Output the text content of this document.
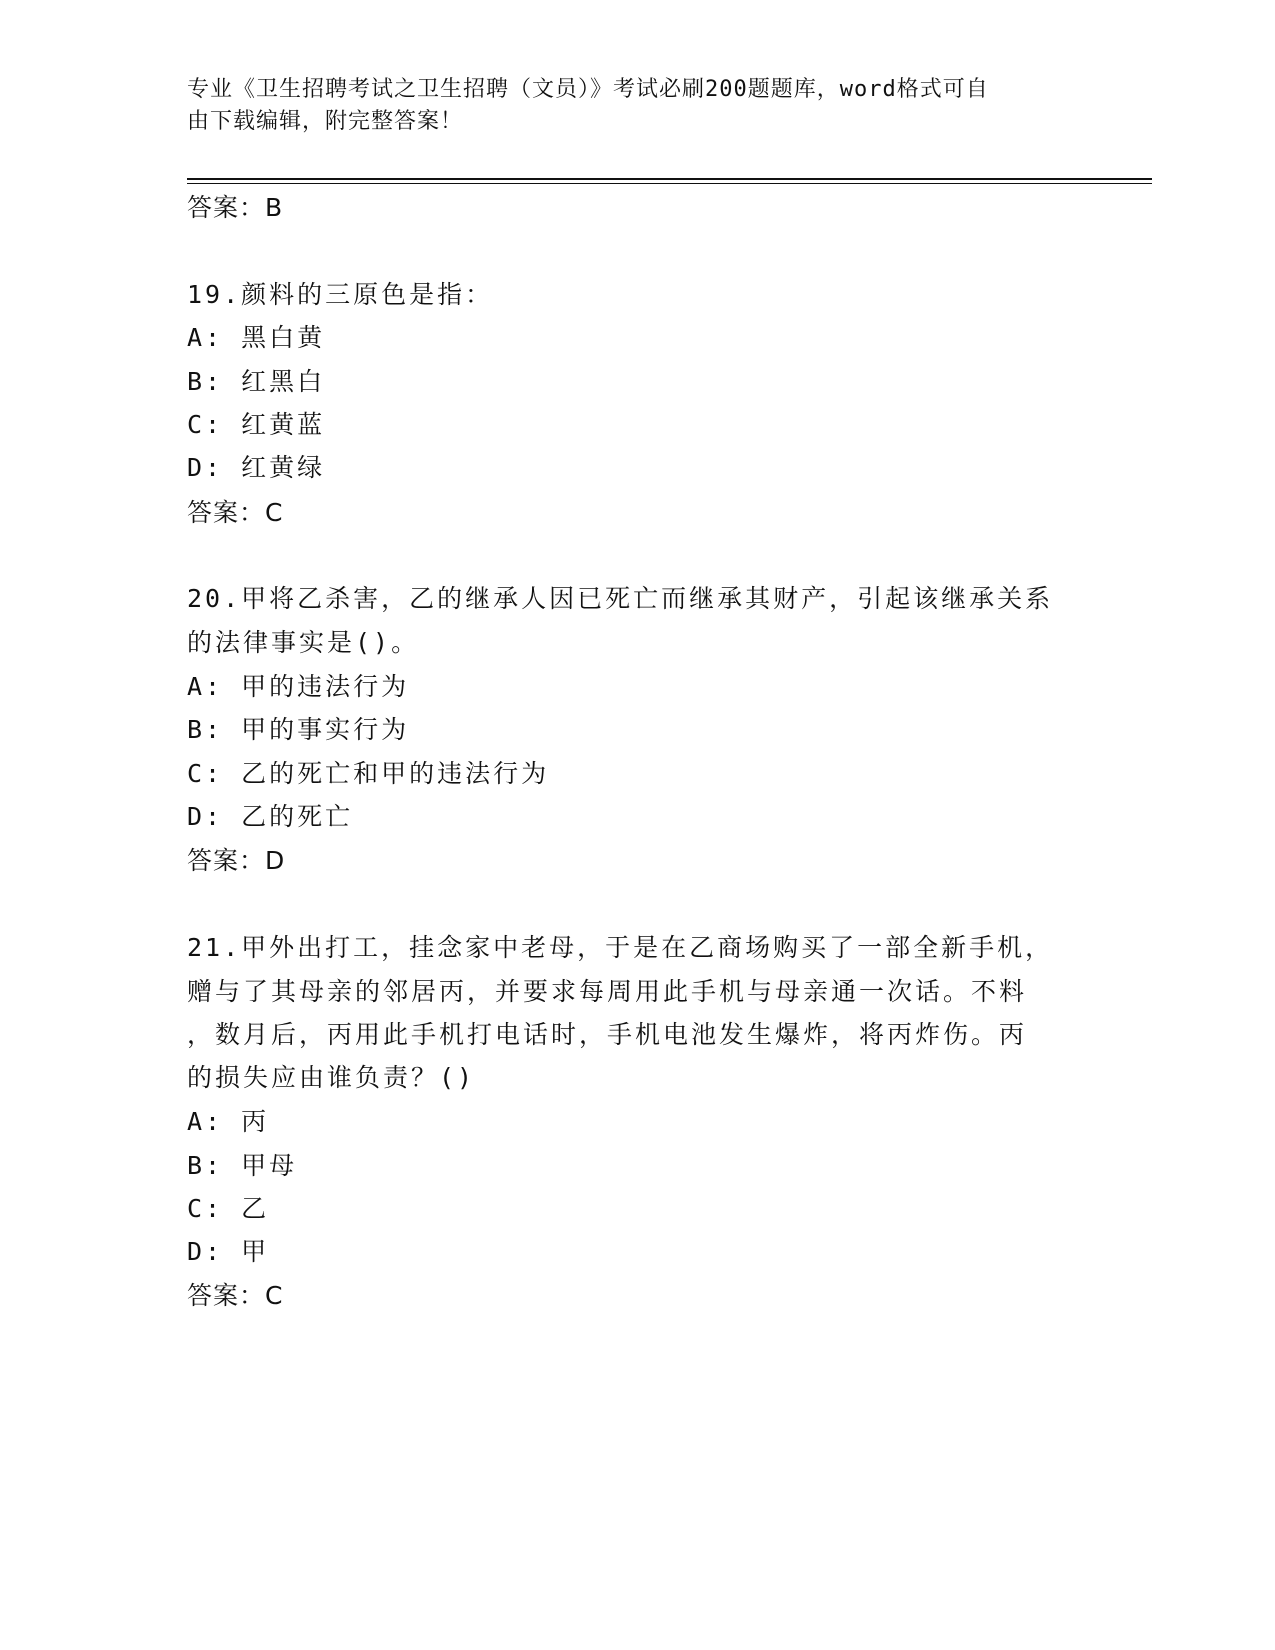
专业《卫生招聘考试之卫生招聘（文员）》考试必刷200题题库，word格式可自
由下载编辑，附完整答案！
答案：B
19.颜料的三原色是指：
A: 黑白黄
B: 红黑白
C: 红黄蓝
D: 红黄绿
答案：C
20.甲将乙杀害，乙的继承人因已死亡而继承其财产，引起该继承关系
的法律事实是()。
A: 甲的违法行为
B: 甲的事实行为
C: 乙的死亡和甲的违法行为
D: 乙的死亡
答案：D
21.甲外出打工，挂念家中老母，于是在乙商场购买了一部全新手机，
赠与了其母亲的邻居丙，并要求每周用此手机与母亲通一次话。不料
，数月后，丙用此手机打电话时，手机电池发生爆炸，将丙炸伤。丙
的损失应由谁负责？()
A: 丙
B: 甲母
C: 乙
D: 甲
答案：C
